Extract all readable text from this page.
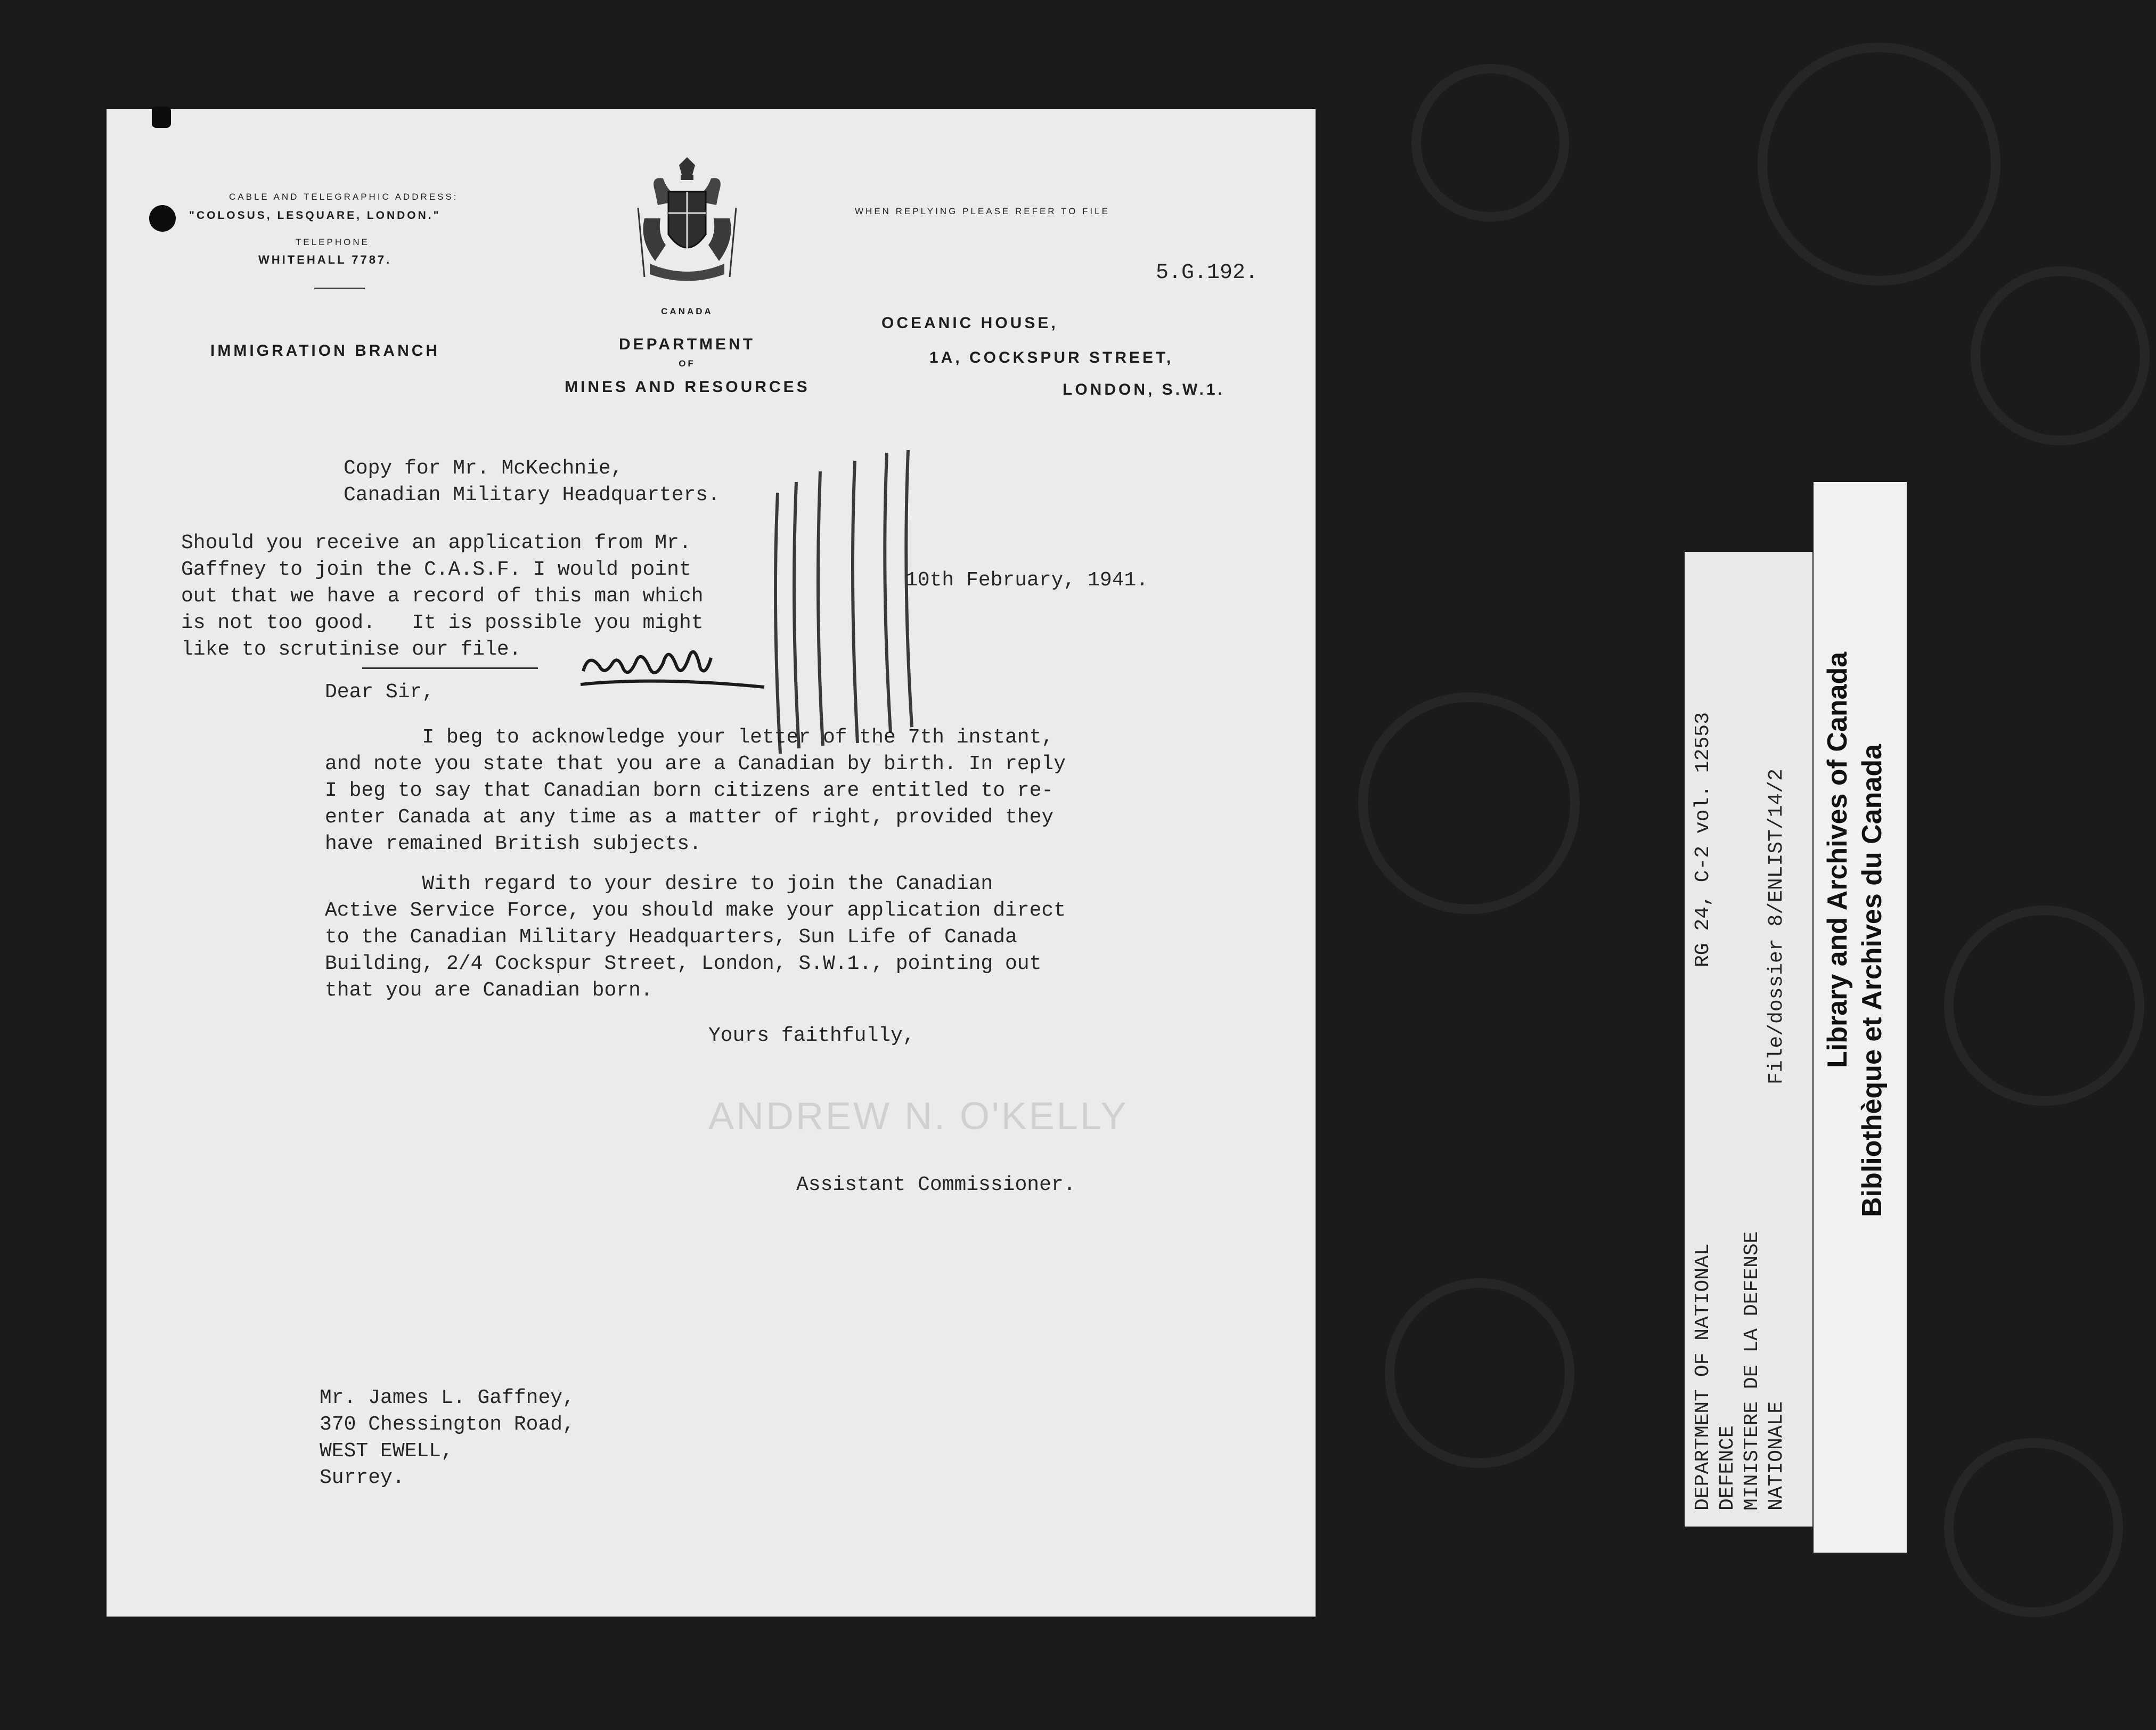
CABLE AND TELEGRAPHIC ADDRESS:
"COLOSUS, LESQUARE, LONDON."
TELEPHONE
WHITEHALL 7787.
CANADA
WHEN REPLYING PLEASE REFER TO FILE
5.G.192.
IMMIGRATION BRANCH	DEPARTMENT
OF
MINES AND RESOURCES
OCEANIC HOUSE,
1A, COCKSPUR STREET,
LONDON, S.W.1.
Copy for Mr. McKechnie,
Canadian Military Headquarters.
Should you receive an application from Mr.
Gaffney to join the C.A.S.F. I would point
out that we have a record of this man which
is not too good.   It is possible you might
like to scrutinise our file.
10th February, 1941.
Dear Sir,
I beg to acknowledge your letter of the 7th instant,
and note you state that you are a Canadian by birth. In reply
I beg to say that Canadian born citizens are entitled to re-
enter Canada at any time as a matter of right, provided they
have remained British subjects.
With regard to your desire to join the Canadian
Active Service Force, you should make your application direct
to the Canadian Military Headquarters, Sun Life of Canada
Building, 2/4 Cockspur Street, London, S.W.1., pointing out
that you are Canadian born.
Yours faithfully,
ANDREW N. O'KELLY
Assistant Commissioner.
Mr. James L. Gaffney,
370 Chessington Road,
WEST EWELL,
Surrey.	DEPARTMENT OF NATIONAL DEFENCE
RG 24, C-2 vol. 12553
MINISTERE DE LA DEFENSE
File/dossier 8/ENLIST/14/2
NATIONALE
Library and Archives of Canada Bibliothèque et Archives du Canada
